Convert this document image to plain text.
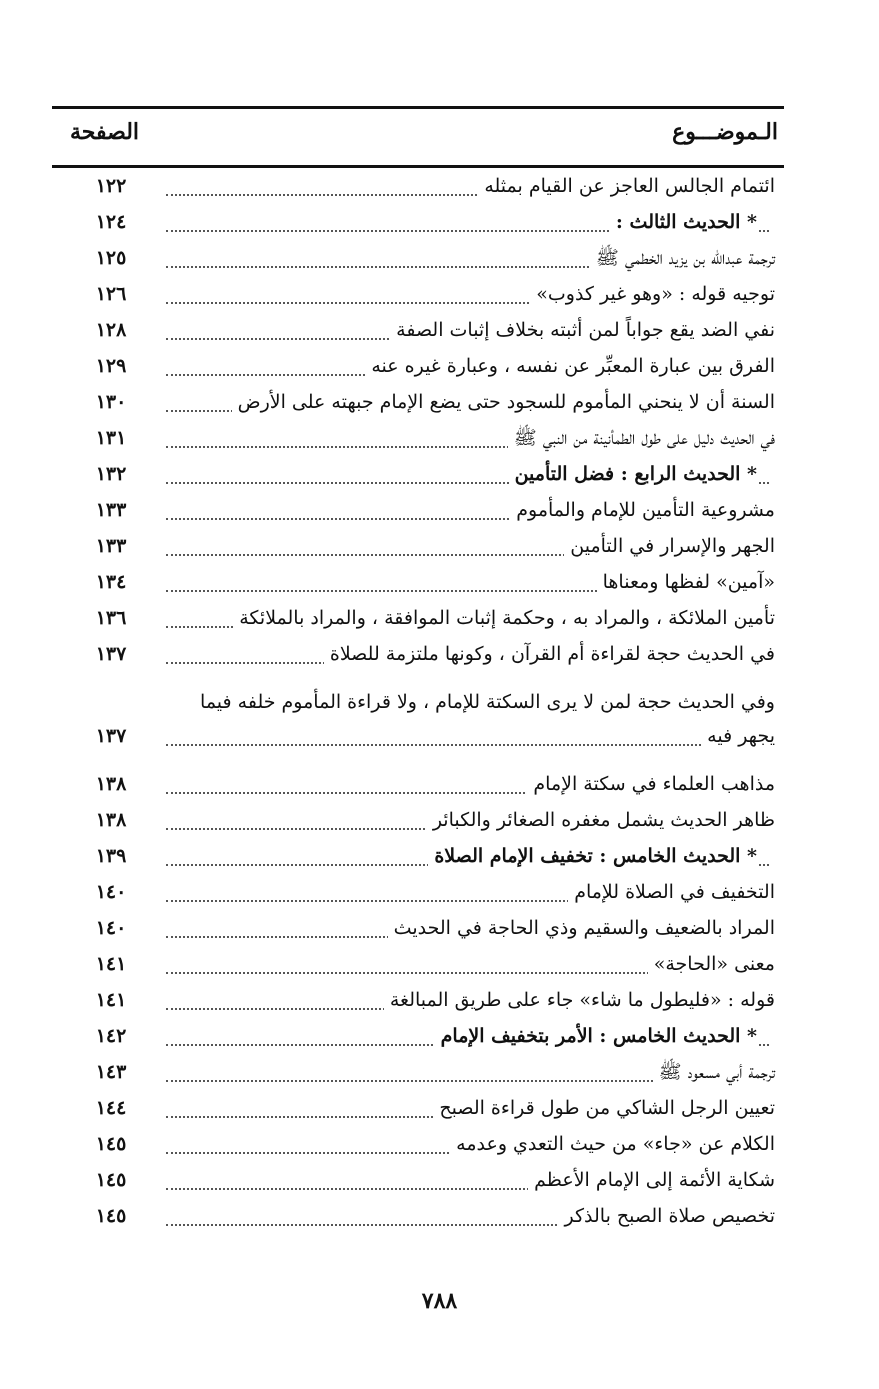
الـموضـــوع
الصفحة
ائتمام الجالس العاجز عن القيام بمثله
١٢٢
* الحديث الثالث :
١٢٤
ترجمة عبدالله بن يزيد الخطمي ﷺ
١٢٥
توجيه قوله : «وهو غير كذوب»
١٢٦
نفي الضد يقع جواباً لمن أثبته بخلاف إثبات الصفة
١٢٨
الفرق بين عبارة المعبِّر عن نفسه ، وعبارة غيره عنه
١٢٩
السنة أن لا ينحني المأموم للسجود حتى يضع الإمام جبهته على الأرض
١٣٠
في الحديث دليل على طول الطمأنينة من النبي ﷺ
١٣١
* الحديث الرابع : فضل التأمين
١٣٢
مشروعية التأمين للإمام والمأموم
١٣٣
الجهر والإسرار في التأمين
١٣٣
«آمين» لفظها ومعناها
١٣٤
تأمين الملائكة ، والمراد به ، وحكمة إثبات الموافقة ، والمراد بالملائكة
١٣٦
في الحديث حجة لقراءة أم القرآن ، وكونها ملتزمة للصلاة
١٣٧
وفي الحديث حجة لمن لا يرى السكتة للإمام ، ولا قراءة المأموم خلفه فيما
يجهر فيه
١٣٧
مذاهب العلماء في سكتة الإمام
١٣٨
ظاهر الحديث يشمل مغفره الصغائر والكبائر
١٣٨
* الحديث الخامس : تخفيف الإمام الصلاة
١٣٩
التخفيف في الصلاة للإمام
١٤٠
المراد بالضعيف والسقيم وذي الحاجة في الحديث
١٤٠
معنى «الحاجة»
١٤١
قوله : «فليطول ما شاء» جاء على طريق المبالغة
١٤١
* الحديث الخامس : الأمر بتخفيف الإمام
١٤٢
ترجمة أبي مسعود ﷺ
١٤٣
تعيين الرجل الشاكي من طول قراءة الصبح
١٤٤
الكلام عن «جاء» من حيث التعدي وعدمه
١٤٥
شكاية الأئمة إلى الإمام الأعظم
١٤٥
تخصيص صلاة الصبح بالذكر
١٤٥
٧٨٨
